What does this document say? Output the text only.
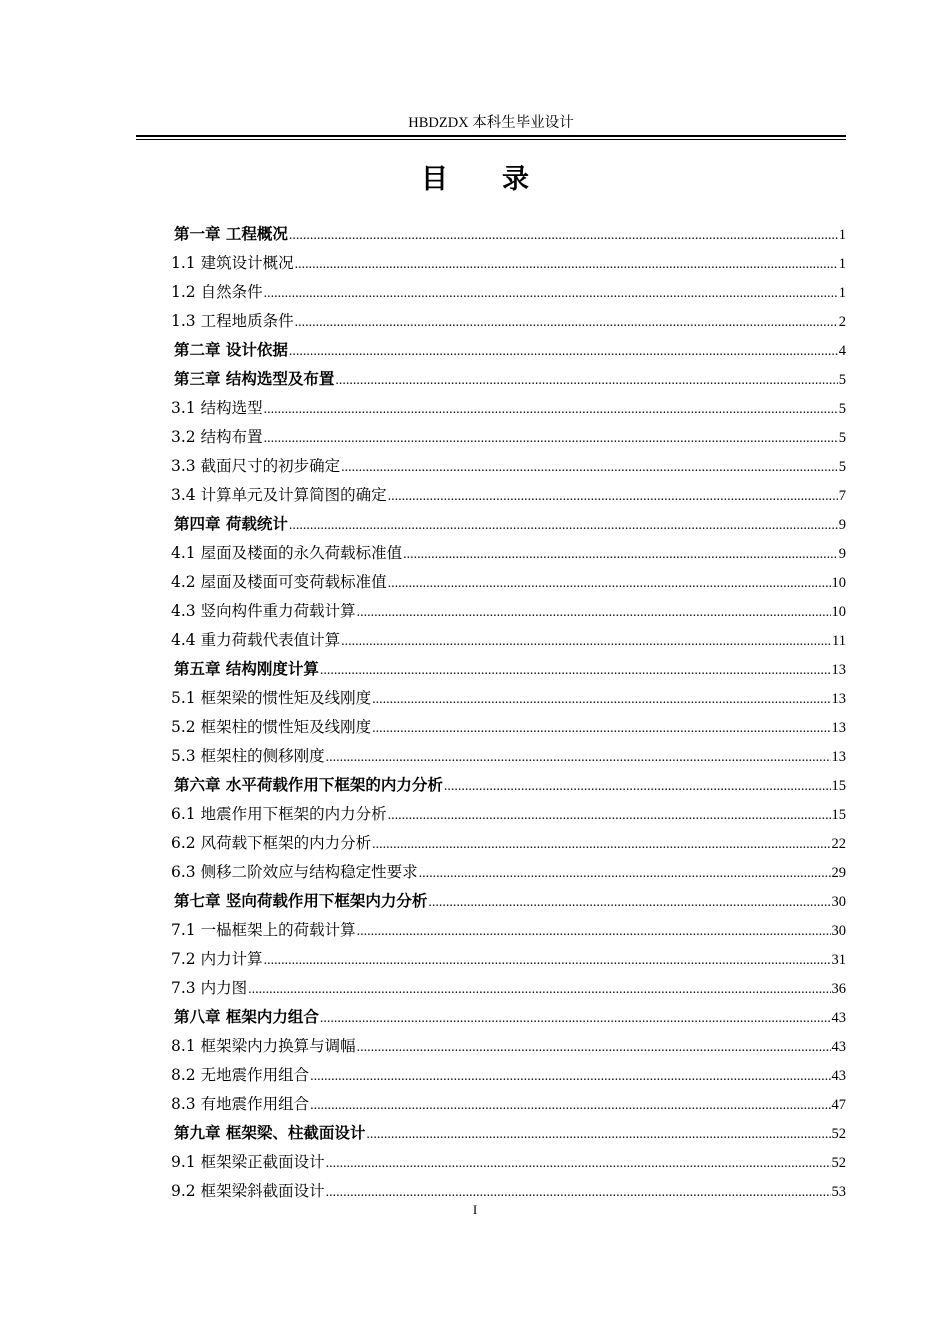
HBDZDX 本科生毕业设计
目录
第一章 工程概况 .....	1
1.1 建筑设计概况 .....	1
1.2 自然条件 .....	1
1.3 工程地质条件 .....	2
第二章 设计依据 .....	4
第三章 结构选型及布置 .....	5
3.1 结构选型 .....	5
3.2 结构布置 .....	5
3.3 截面尺寸的初步确定 .....	5
3.4 计算单元及计算简图的确定 .....	7
第四章 荷载统计 .....	9
4.1 屋面及楼面的永久荷载标准值 .....	9
4.2 屋面及楼面可变荷载标准值 .....	10
4.3 竖向构件重力荷载计算 .....	10
4.4 重力荷载代表值计算 .....	11
第五章 结构刚度计算 .....	13
5.1 框架梁的惯性矩及线刚度 .....	13
5.2 框架柱的惯性矩及线刚度 .....	13
5.3 框架柱的侧移刚度 .....	13
第六章 水平荷载作用下框架的内力分析 .....	15
6.1 地震作用下框架的内力分析 .....	15
6.2 风荷载下框架的内力分析 .....	22
6.3 侧移二阶效应与结构稳定性要求 .....	29
第七章 竖向荷载作用下框架内力分析 .....	30
7.1 一榀框架上的荷载计算 .....	30
7.2 内力计算 .....	31
7.3 内力图 .....	36
第八章 框架内力组合 .....	43
8.1 框架梁内力换算与调幅 .....	43
8.2 无地震作用组合 .....	43
8.3 有地震作用组合 .....	47
第九章 框架梁、柱截面设计 .....	52
9.1 框架梁正截面设计 .....	52
9.2 框架梁斜截面设计 .....	53
I
